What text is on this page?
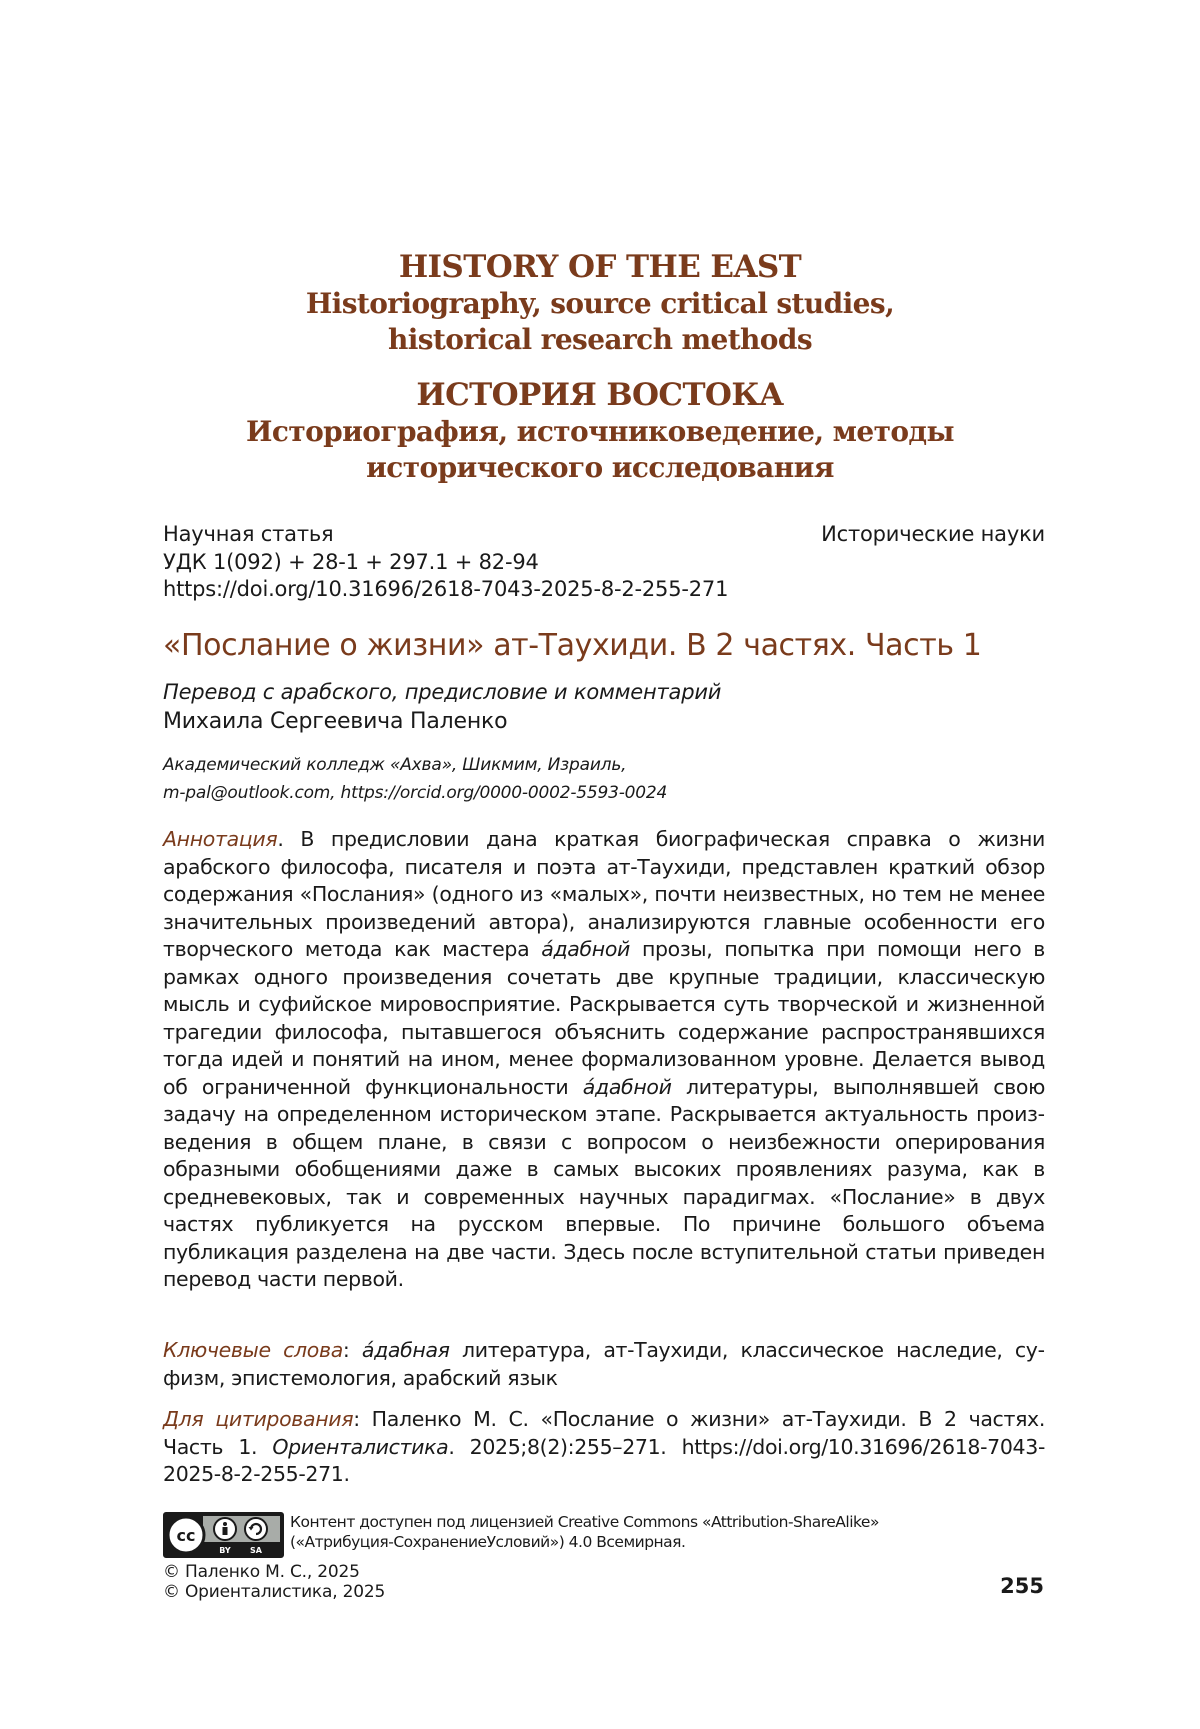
HISTORY OF THE EAST

Historiography, source critical studies,

historical research methods

ИСТОРИЯ ВОСТОКА

Историография, источниковедение, методы

исторического исследования

Научная статья
УДК 1(092) + 28-1 + 297.1 + 82-94
https://doi.org/10.31696/2618-7043-2025-8-2-255-271
Исторические науки
«Послание о жизни» ат-Таухиди. В 2 частях. Часть 1
Перевод с арабского, предисловие и комментарий
Михаила Сергеевича Паленко
Академический колледж «Ахва», Шикмим, Израиль,
m-pal@outlook.com, https://orcid.org/0000-0002-5593-0024
Аннотация. В предисловии дана краткая биографическая справка о жизни арабского философа, писателя и поэта ат-Таухиди, представлен краткий обзор содержания «Послания» (одного из «малых», почти неизвестных, но тем не менее значительных произведений автора), анализируются главные особенности его творческого метода как мастера а́дабной прозы, попытка при помощи него в рамках одного произведения сочетать две крупные традиции, классическую мысль и суфийское мировосприятие. Раскрывается суть творческой и жизненной трагедии философа, пытавшегося объяснить содержание распространявшихся тогда идей и понятий на ином, менее формализованном уровне. Делается вывод об ограниченной функциональности а́дабной литературы, выполнявшей свою задачу на определенном историческом этапе. Раскрывается актуальность произведения в общем плане, в связи с вопросом о неизбежности оперирования образными обобщениями даже в самых высоких проявлениях разума, как в средневековых, так и современных научных парадигмах. «Послание» в двух частях публикуется на русском впервые. По причине большого объема публикация разделена на две части. Здесь после вступительной статьи приведен перевод части первой.
Ключевые слова: а́дабная литература, ат-Таухиди, классическое наследие, суфизм, эпистемология, арабский язык
Для цитирования: Паленко М. С. «Послание о жизни» ат-Таухиди. В 2 частях. Часть 1. Ориенталистика. 2025;8(2):255–271. https://doi.org/10.31696/2618-7043-2025-8-2-255-271.
cc
BY SA
Контент доступен под лицензией Creative Commons «Attribution-ShareAlike»
(«Атрибуция-СохранениеУсловий») 4.0 Всемирная.
© Паленко М. С., 2025
© Ориенталистика, 2025	255
